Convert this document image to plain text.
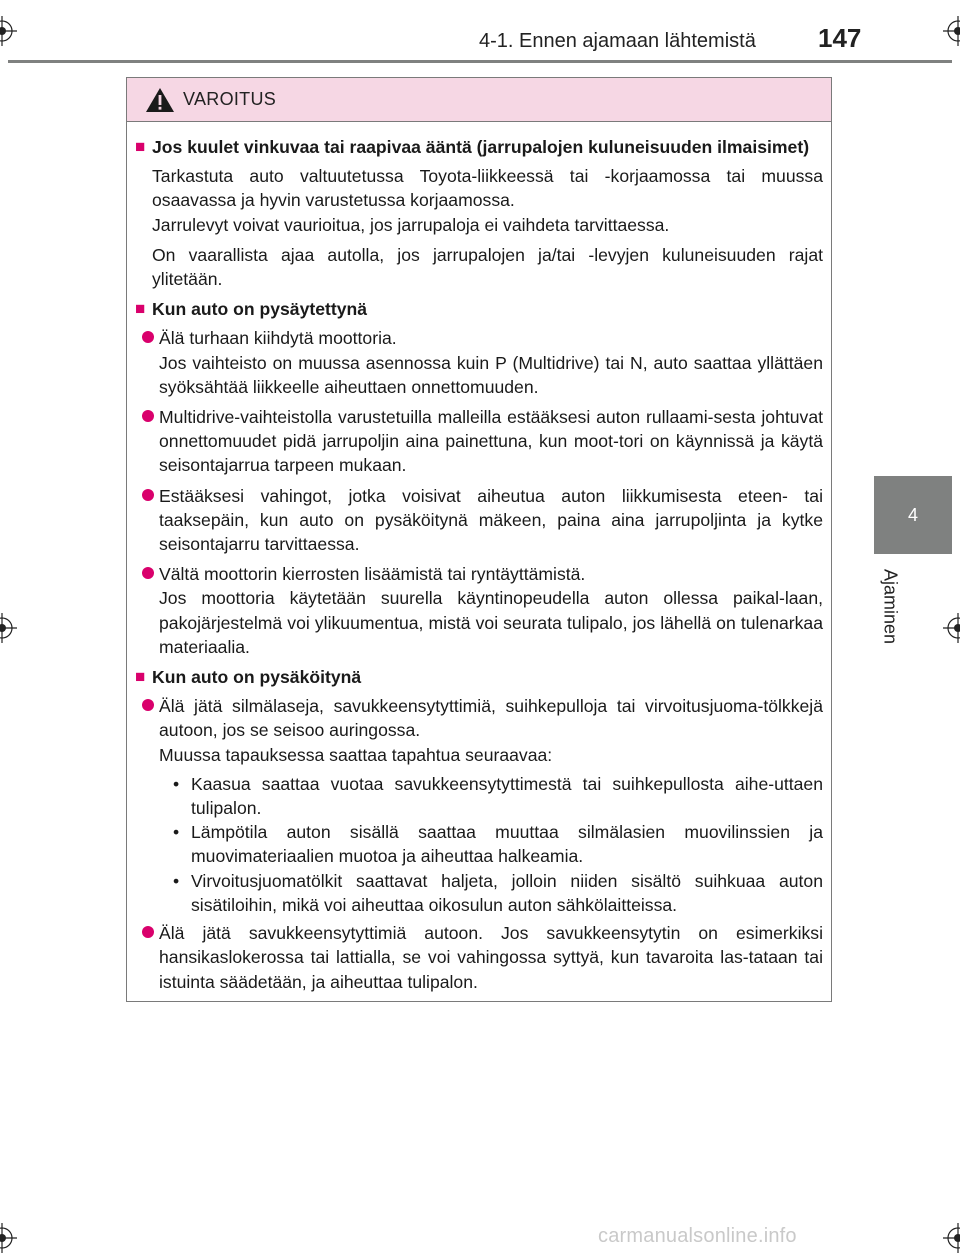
4-1. Ennen ajamaan lähtemistä 147
4
Ajaminen
VAROITUS
■ Jos kuulet vinkuvaa tai raapivaa ääntä (jarrupalojen kuluneisuuden ilmaisimet)
Tarkastuta auto valtuutetussa Toyota-liikkeessä tai -korjaamossa tai muussa osaavassa ja hyvin varustetussa korjaamossa.
Jarrulevyt voivat vaurioitua, jos jarrupaloja ei vaihdeta tarvittaessa.
On vaarallista ajaa autolla, jos jarrupalojen ja/tai -levyjen kuluneisuuden rajat ylitetään.
■ Kun auto on pysäytettynä
Älä turhaan kiihdytä moottoria.
Jos vaihteisto on muussa asennossa kuin P (Multidrive) tai N, auto saattaa yllättäen syöksähtää liikkeelle aiheuttaen onnettomuuden.
Multidrive-vaihteistolla varustetuilla malleilla estääksesi auton rullaami-sesta johtuvat onnettomuudet pidä jarrupoljin aina painettuna, kun moot-tori on käynnissä ja käytä seisontajarrua tarpeen mukaan.
Estääksesi vahingot, jotka voisivat aiheutua auton liikkumisesta eteen- tai taaksepäin, kun auto on pysäköitynä mäkeen, paina aina jarrupoljinta ja kytke seisontajarru tarvittaessa.
Vältä moottorin kierrosten lisäämistä tai ryntäyttämistä.
Jos moottoria käytetään suurella käyntinopeudella auton ollessa paikal-laan, pakojärjestelmä voi ylikuumentua, mistä voi seurata tulipalo, jos lähellä on tulenarkaa materiaalia.
■ Kun auto on pysäköitynä
Älä jätä silmälaseja, savukkeensytyttimiä, suihkepulloja tai virvoitusjuoma-tölkkejä autoon, jos se seisoo auringossa.
Muussa tapauksessa saattaa tapahtua seuraavaa:
• Kaasua saattaa vuotaa savukkeensytyttimestä tai suihkepullosta aihe-uttaen tulipalon.
• Lämpötila auton sisällä saattaa muuttaa silmälasien muovilinssien ja muovimateriaalien muotoa ja aiheuttaa halkeamia.
• Virvoitusjuomatölkit saattavat haljeta, jolloin niiden sisältö suihkuaa auton sisätiloihin, mikä voi aiheuttaa oikosulun auton sähkölaitteissa.
Älä jätä savukkeensytyttimiä autoon. Jos savukkeensytytin on esimerkiksi hansikaslokerossa tai lattialla, se voi vahingossa syttyä, kun tavaroita las-tataan tai istuinta säädetään, ja aiheuttaa tulipalon.
carmanualsonline.info
